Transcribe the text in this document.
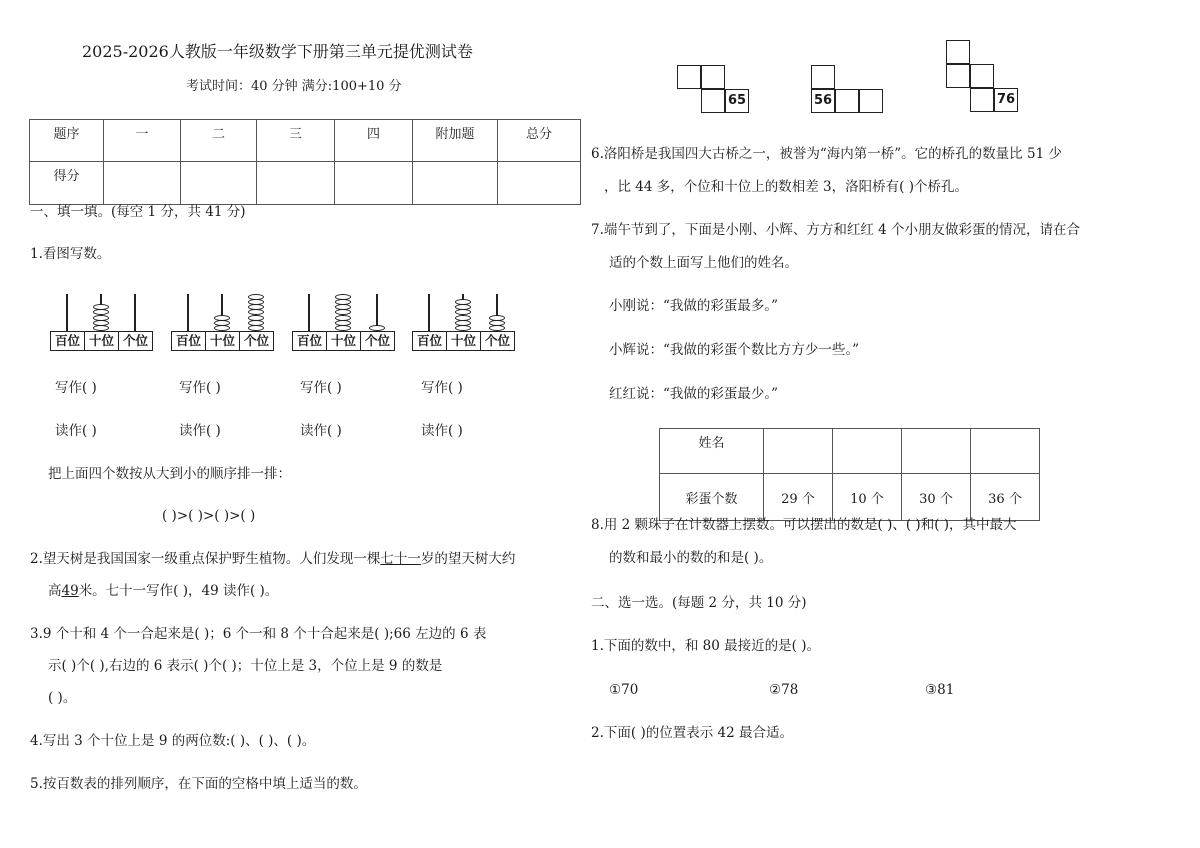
2025-2026人教版一年级数学下册第三单元提优测试卷
考试时间：40 分钟 满分:100+10 分
题序	一	二	三	四	附加题	总分
得分						
一、填一填。(每空 1 分，共 41 分)
1.看图写数。
百位 十位 个位	百位 十位 个位	百位 十位 个位	百位 十位 个位
写作( )	写作( )	写作( )	写作( )
读作( )	读作( )	读作( )	读作( )
把上面四个数按从大到小的顺序排一排：
( )>( )>( )>( )
2.望天树是我国国家一级重点保护野生植物。人们发现一棵七十一岁的望天树大约
高49米。七十一写作( )，49 读作( )。
3.9 个十和 4 个一合起来是( )；6 个一和 8 个十合起来是( );66 左边的 6 表
示( )个( ),右边的 6 表示( )个( )；十位上是 3，个位上是 9 的数是
( )。
4.写出 3 个十位上是 9 的两位数:( )、( )、( )。
5.按百数表的排列顺序，在下面的空格中填上适当的数。
65	56	76
6.洛阳桥是我国四大古桥之一，被誉为“海内第一桥”。它的桥孔的数量比 51 少
，比 44 多，个位和十位上的数相差 3，洛阳桥有( )个桥孔。
7.端午节到了，下面是小刚、小辉、方方和红红 4 个小朋友做彩蛋的情况，请在合
适的个数上面写上他们的姓名。
小刚说：“我做的彩蛋最多。”
小辉说：“我做的彩蛋个数比方方少一些。”
红红说：“我做的彩蛋最少。”
姓名				
彩蛋个数	29 个	10 个	30 个	36 个
8.用 2 颗珠子在计数器上摆数。可以摆出的数是( )、( )和( )，其中最大
的数和最小的数的和是( )。
二、选一选。(每题 2 分，共 10 分)
1.下面的数中，和 80 最接近的是( )。
①70	②78	③81
2.下面( )的位置表示 42 最合适。
